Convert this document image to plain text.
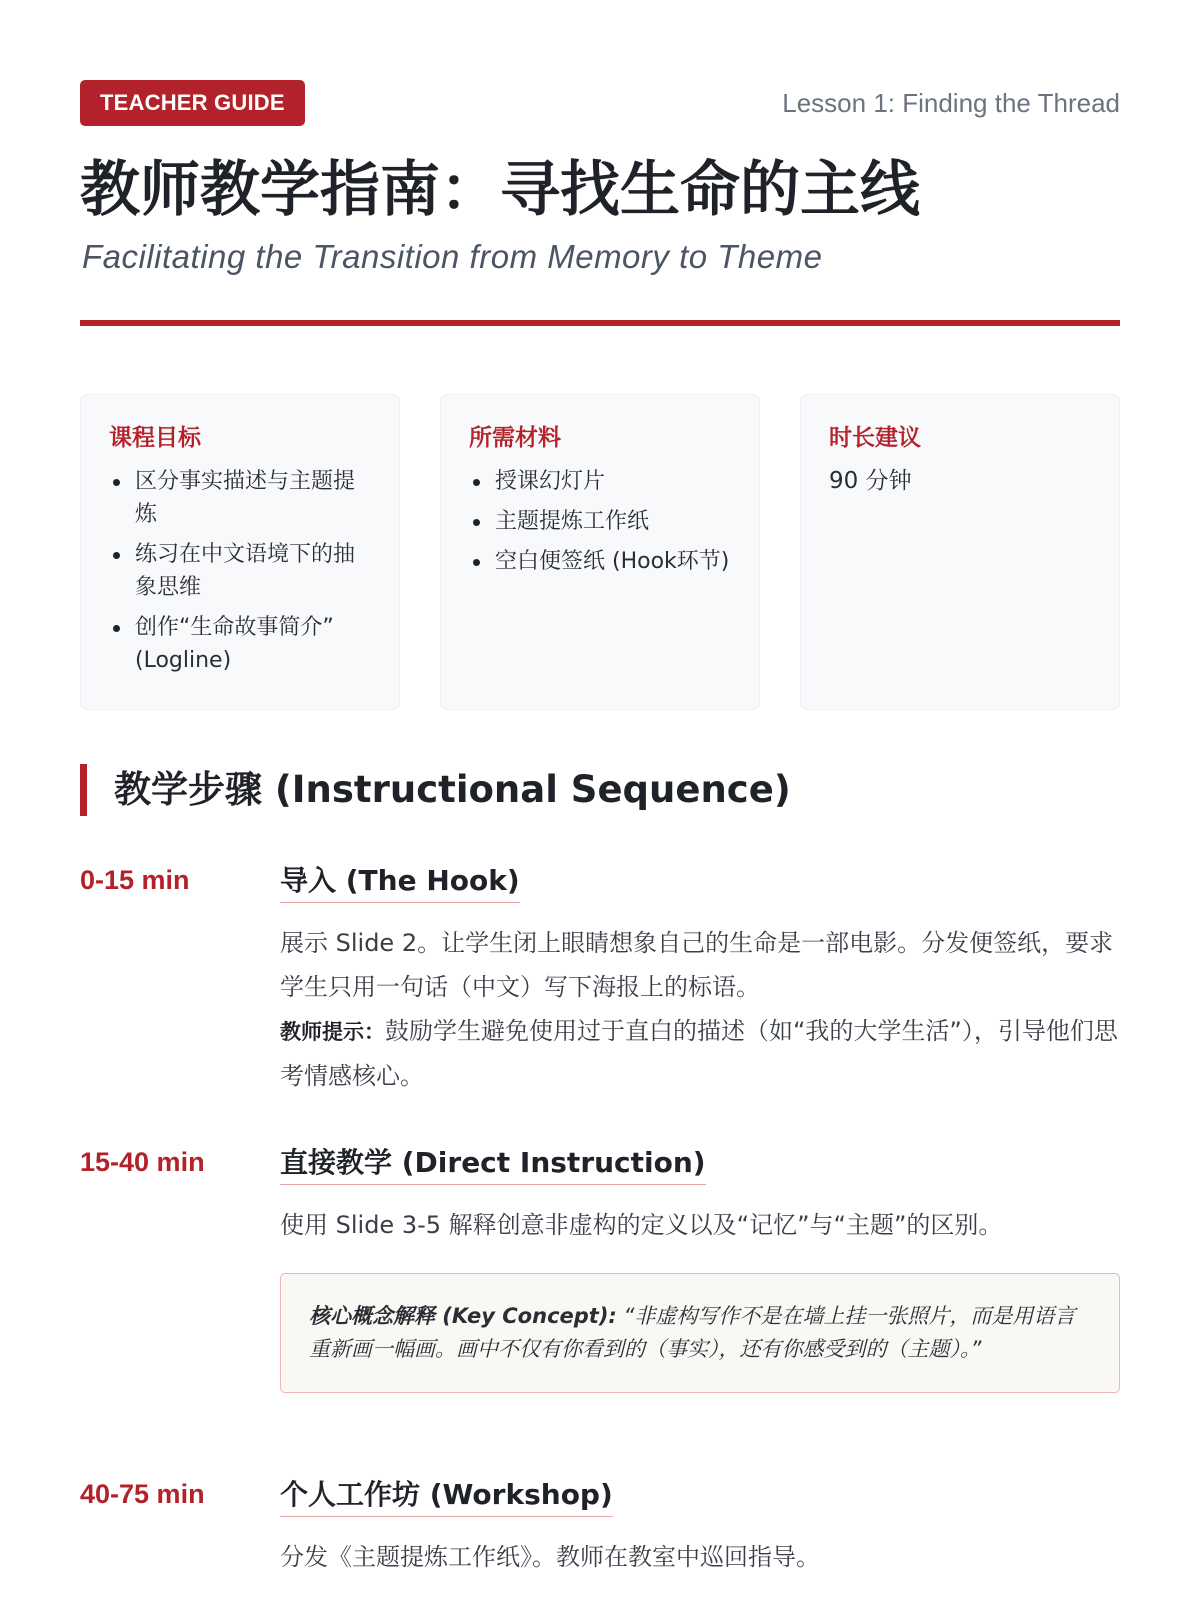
TEACHER GUIDE	Lesson 1: Finding the Thread
教师教学指南：寻找生命的主线
Facilitating the Transition from Memory to Theme
课程目标
区分事实描述与主题提炼
练习在中文语境下的抽象思维
创作“生命故事简介” (Logline)
所需材料
授课幻灯片
主题提炼工作纸
空白便签纸 (Hook环节)
时长建议
90 分钟
教学步骤 (Instructional Sequence)
0-15 min	导入 (The Hook)

展示 Slide 2。让学生闭上眼睛想象自己的生命是一部电影。分发便签纸，要求学生只用一句话（中文）写下海报上的标语。

教师提示：鼓励学生避免使用过于直白的描述（如“我的大学生活”），引导他们思考情感核心。

15-40 min	直接教学 (Direct Instruction)

使用 Slide 3-5 解释创意非虚构的定义以及“记忆”与“主题”的区别。

核心概念解释 (Key Concept): “非虚构写作不是在墙上挂一张照片，而是用语言重新画一幅画。画中不仅有你看到的（事实），还有你感受到的（主题）。”
40-75 min	个人工作坊 (Workshop)

分发《主题提炼工作纸》。教师在教室中巡回指导。
